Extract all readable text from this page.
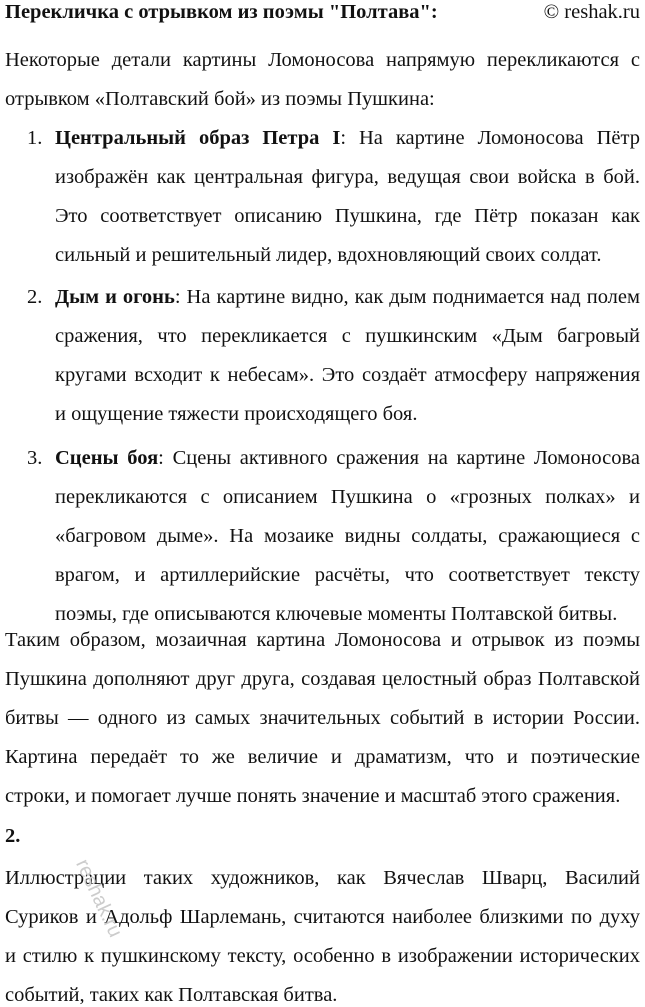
Перекличка с отрывком из поэмы "Полтава":	© reshak.ru
Некоторые детали картины Ломоносова напрямую перекликаются с
отрывком «Полтавский бой» из поэмы Пушкина:
1. Центральный образ Петра I: На картине Ломоносова Пётр
изображён как центральная фигура, ведущая свои войска в бой.
Это соответствует описанию Пушкина, где Пётр показан как
сильный и решительный лидер, вдохновляющий своих солдат.
2. Дым и огонь: На картине видно, как дым поднимается над полем
сражения, что перекликается с пушкинским «Дым багровый
кругами всходит к небесам». Это создаёт атмосферу напряжения
и ощущение тяжести происходящего боя.
3. Сцены боя: Сцены активного сражения на картине Ломоносова
перекликаются с описанием Пушкина о «грозных полках» и
«багровом дыме». На мозаике видны солдаты, сражающиеся с
врагом, и артиллерийские расчёты, что соответствует тексту
поэмы, где описываются ключевые моменты Полтавской битвы.
Таким образом, мозаичная картина Ломоносова и отрывок из поэмы
Пушкина дополняют друг друга, создавая целостный образ Полтавской
битвы — одного из самых значительных событий в истории России.
Картина передаёт то же величие и драматизм, что и поэтические
строки, и помогает лучше понять значение и масштаб этого сражения.
2.
Иллюстрации таких художников, как Вячеслав Шварц, Василий
Суриков и Адольф Шарлемань, считаются наиболее близкими по духу
и стилю к пушкинскому тексту, особенно в изображении исторических
событий, таких как Полтавская битва.
reshak.ru
